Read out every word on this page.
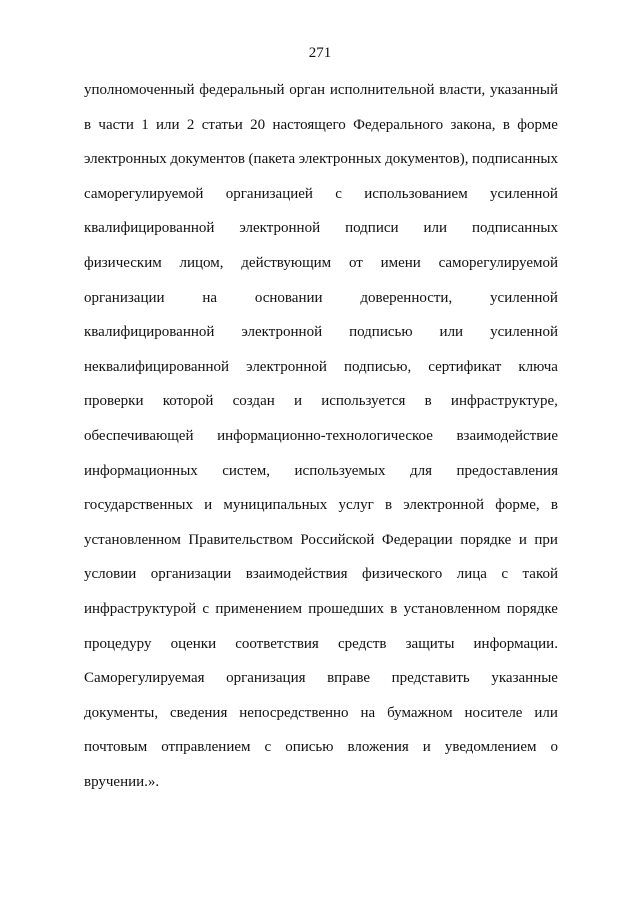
271
уполномоченный федеральный орган исполнительной власти, указанный
в части 1 или 2 статьи 20 настоящего Федерального закона, в форме
электронных документов (пакета электронных документов), подписанных
саморегулируемой организацией с использованием усиленной
квалифицированной электронной подписи или подписанных
физическим лицом, действующим от имени саморегулируемой
организации	на	основании	доверенности,	усиленной
квалифицированной электронной подписью или усиленной
неквалифицированной электронной подписью, сертификат ключа
проверки которой создан и используется в инфраструктуре,
обеспечивающей информационно-технологическое взаимодействие
информационных систем, используемых для предоставления
государственных и муниципальных услуг в электронной форме, в
установленном Правительством Российской Федерации порядке и при
условии организации взаимодействия физического лица с такой
инфраструктурой с применением прошедших в установленном порядке
процедуру оценки соответствия средств защиты информации.
Саморегулируемая организация вправе представить указанные
документы, сведения непосредственно на бумажном носителе или
почтовым отправлением с описью вложения и уведомлением о
вручении.».
